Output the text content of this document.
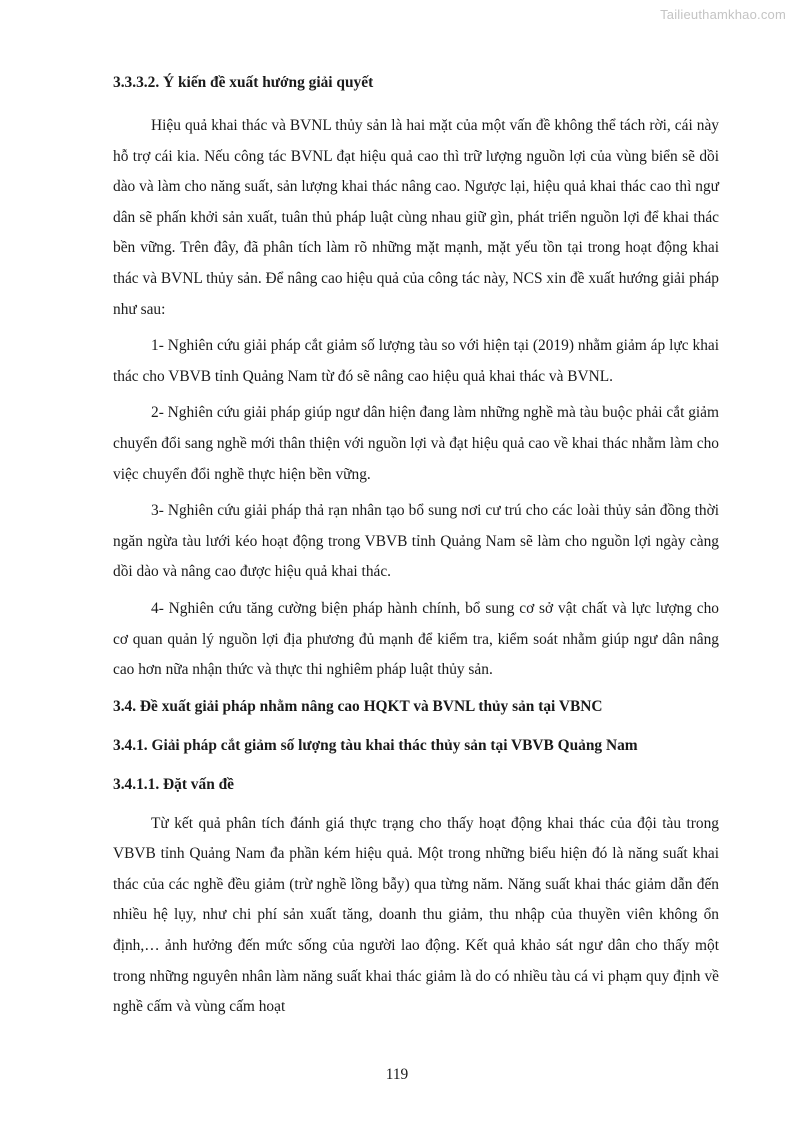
Tailieuthamkhao.com

3.3.3.2. Ý kiến đề xuất hướng giải quyết

Hiệu quả khai thác và BVNL thủy sản là hai mặt của một vấn đề không thể tách rời, cái này hỗ trợ cái kia. Nếu công tác BVNL đạt hiệu quả cao thì trữ lượng nguồn lợi của vùng biển sẽ dồi dào và làm cho năng suất, sản lượng khai thác nâng cao. Ngược lại, hiệu quả khai thác cao thì ngư dân sẽ phấn khởi sản xuất, tuân thủ pháp luật cùng nhau giữ gìn, phát triển nguồn lợi để khai thác bền vững. Trên đây, đã phân tích làm rõ những mặt mạnh, mặt yếu tồn tại trong hoạt động khai thác và BVNL thủy sản. Để nâng cao hiệu quả của công tác này, NCS xin đề xuất hướng giải pháp như sau:

1- Nghiên cứu giải pháp cắt giảm số lượng tàu so với hiện tại (2019) nhằm giảm áp lực khai thác cho VBVB tỉnh Quảng Nam từ đó sẽ nâng cao hiệu quả khai thác và BVNL.

2- Nghiên cứu giải pháp giúp ngư dân hiện đang làm những nghề mà tàu buộc phải cắt giảm chuyển đổi sang nghề mới thân thiện với nguồn lợi và đạt hiệu quả cao về khai thác nhằm làm cho việc chuyển đổi nghề thực hiện bền vững.

3- Nghiên cứu giải pháp thả rạn nhân tạo bổ sung nơi cư trú cho các loài thủy sản đồng thời ngăn ngừa tàu lưới kéo hoạt động trong VBVB tỉnh Quảng Nam sẽ làm cho nguồn lợi ngày càng dồi dào và nâng cao được hiệu quả khai thác.

4- Nghiên cứu tăng cường biện pháp hành chính, bổ sung cơ sở vật chất và lực lượng cho cơ quan quản lý nguồn lợi địa phương đủ mạnh để kiểm tra, kiểm soát nhằm giúp ngư dân nâng cao hơn nữa nhận thức và thực thi nghiêm pháp luật thủy sản.

3.4. Đề xuất giải pháp nhằm nâng cao HQKT và BVNL thủy sản tại VBNC

3.4.1. Giải pháp cắt giảm số lượng tàu khai thác thủy sản tại VBVB Quảng Nam

3.4.1.1. Đặt vấn đề

Từ kết quả phân tích đánh giá thực trạng cho thấy hoạt động khai thác của đội tàu trong VBVB tỉnh Quảng Nam đa phần kém hiệu quả. Một trong những biểu hiện đó là năng suất khai thác của các nghề đều giảm (trừ nghề lồng bẫy) qua từng năm. Năng suất khai thác giảm dẫn đến nhiều hệ lụy, như chi phí sản xuất tăng, doanh thu giảm, thu nhập của thuyền viên không ổn định,… ảnh hưởng đến mức sống của người lao động. Kết quả khảo sát ngư dân cho thấy một trong những nguyên nhân làm năng suất khai thác giảm là do có nhiều tàu cá vi phạm quy định về nghề cấm và vùng cấm hoạt

119
